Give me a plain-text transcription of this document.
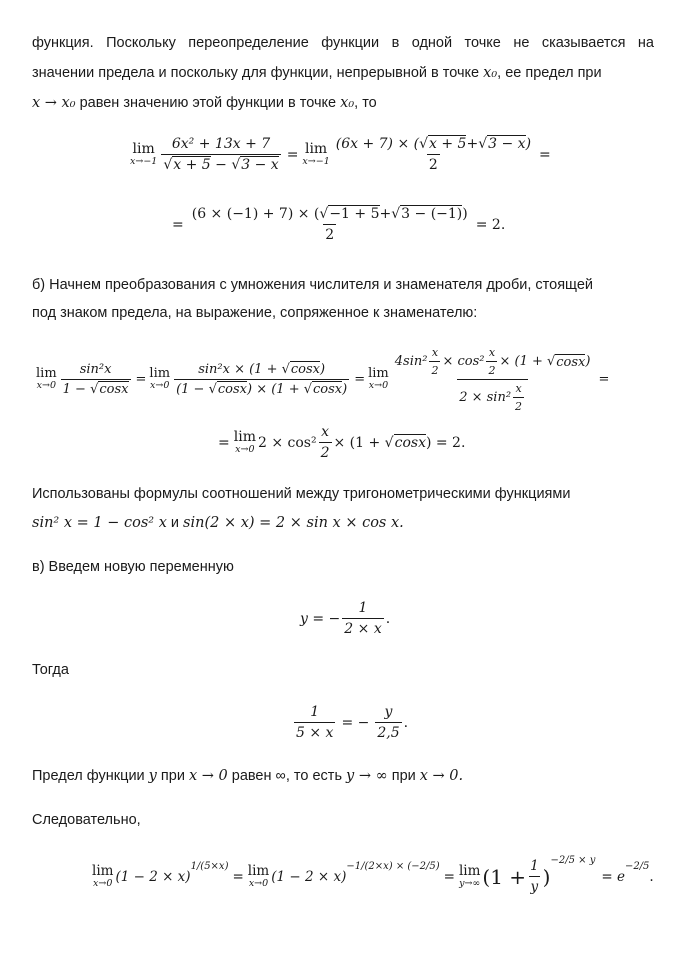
функция. Поскольку переопределение функции в одной точке не сказывается на
значении предела и поскольку для функции, непрерывной в точке x₀, ее предел при
x → x₀ равен значению этой функции в точке x₀, то
lim
$x\to-1 \frac{\text{6x² + 13x + 7}}{√x + 5 - √3 - x} = \lim$
$x\to-1 \frac{(6x + 7) \times (√x + 5+√3 - x)}{2}$ =
= $\frac{(6 \times (-1) + 7) \times (√-1 + 5+√3 - (-1))}{2} = 2$.
б) Начнем преобразования с умножения числителя и знаменателя дроби, стоящей
под знаком предела, на выражение, сопряженное к знаменателю:
lim
$x\to 0 \frac{\text{sin²x}}{1 - √\cos x} = \lim$
$x\to 0 \frac{\text{sin²x × (1 + √cosx)}}{(1 - √\cos x) \times (1 + √\cos x)} = \lim$
x→0 $4\sin^2 \frac{x}{2} \times \cos^2 \frac{x}{2} \times (1$ + √ cosx )
2 × sin²
x
2 =
= lim
x→0 $2 \times \cos^2 \frac{x}{2} \times (1$ + √ cosx ) = 2.
Использованы формулы соотношений между тригонометрическими функциями
sin² x = 1 − cos² x и sin(2 × x) = 2 × sin x × cos x.
в) Введем новую переменную
y = − $\frac{1}{2 \times x}$ .
Тогда
$\frac{1}{5 \times x}$ = − $\frac{y}{2,5}$ .
Предел функции y при x → 0 равен ∞, то есть y → ∞ при x → 0.
Следовательно,
lim
x→0 (1 − 2 × x)
1/(5×x)
= lim
x→0 (1 − 2 × x)
−1/(2×x) × (−2/5)
= lim
y→∞ ($1 + \frac{1}{y}$ )
−2/5 × y
= e
−2/5
.
